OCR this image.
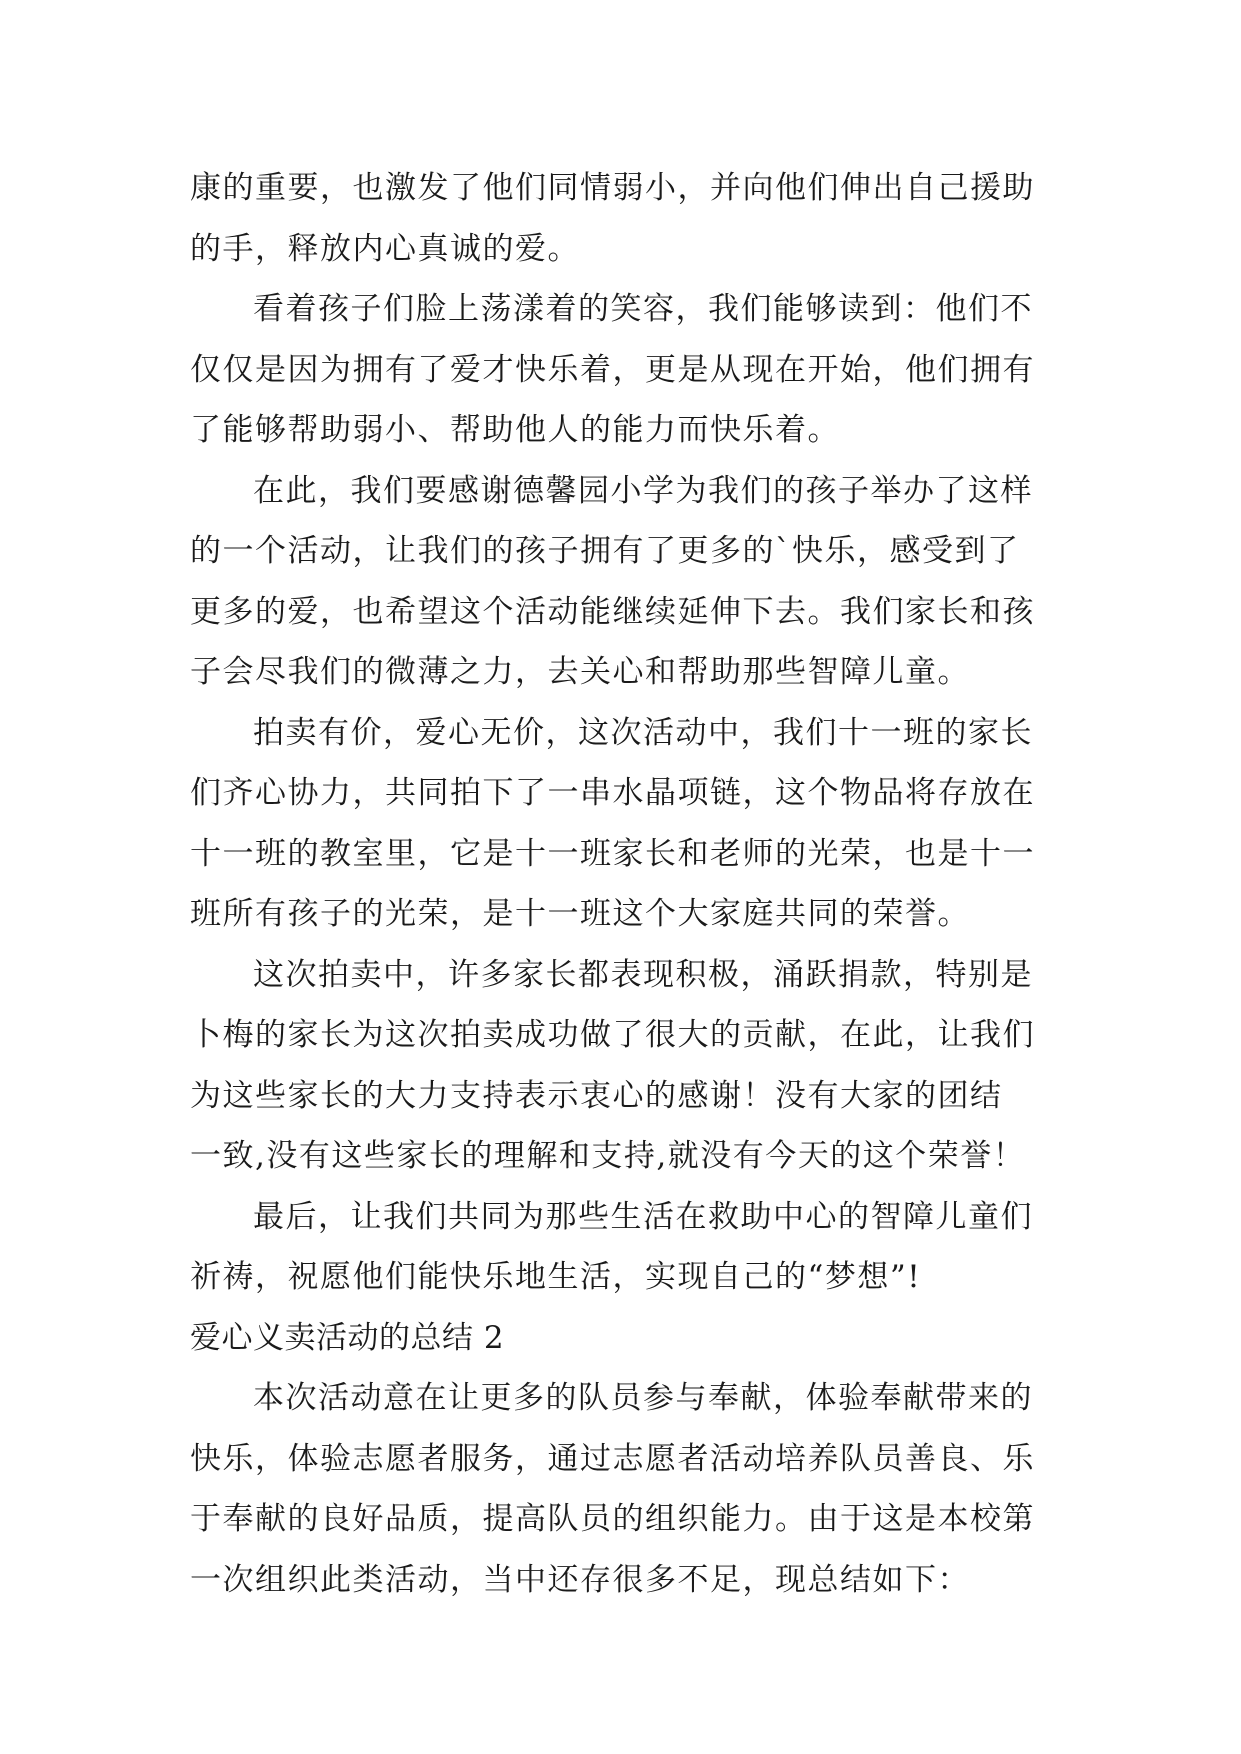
康的重要，也激发了他们同情弱小，并向他们伸出自己援助
的手，释放内心真诚的爱。
看着孩子们脸上荡漾着的笑容，我们能够读到：他们不
仅仅是因为拥有了爱才快乐着，更是从现在开始，他们拥有
了能够帮助弱小、帮助他人的能力而快乐着。
在此，我们要感谢德馨园小学为我们的孩子举办了这样
的一个活动，让我们的孩子拥有了更多的`快乐，感受到了
更多的爱，也希望这个活动能继续延伸下去。我们家长和孩
子会尽我们的微薄之力，去关心和帮助那些智障儿童。
拍卖有价，爱心无价，这次活动中，我们十一班的家长
们齐心协力，共同拍下了一串水晶项链，这个物品将存放在
十一班的教室里，它是十一班家长和老师的光荣，也是十一
班所有孩子的光荣，是十一班这个大家庭共同的荣誉。
这次拍卖中，许多家长都表现积极，涌跃捐款，特别是
卜梅的家长为这次拍卖成功做了很大的贡献，在此，让我们
为这些家长的大力支持表示衷心的感谢！没有大家的团结
一致,没有这些家长的理解和支持,就没有今天的这个荣誉！
最后，让我们共同为那些生活在救助中心的智障儿童们
祈祷，祝愿他们能快乐地生活，实现自己的“梦想”!
爱心义卖活动的总结 2
本次活动意在让更多的队员参与奉献，体验奉献带来的
快乐，体验志愿者服务，通过志愿者活动培养队员善良、乐
于奉献的良好品质，提高队员的组织能力。由于这是本校第
一次组织此类活动，当中还存很多不足，现总结如下：
